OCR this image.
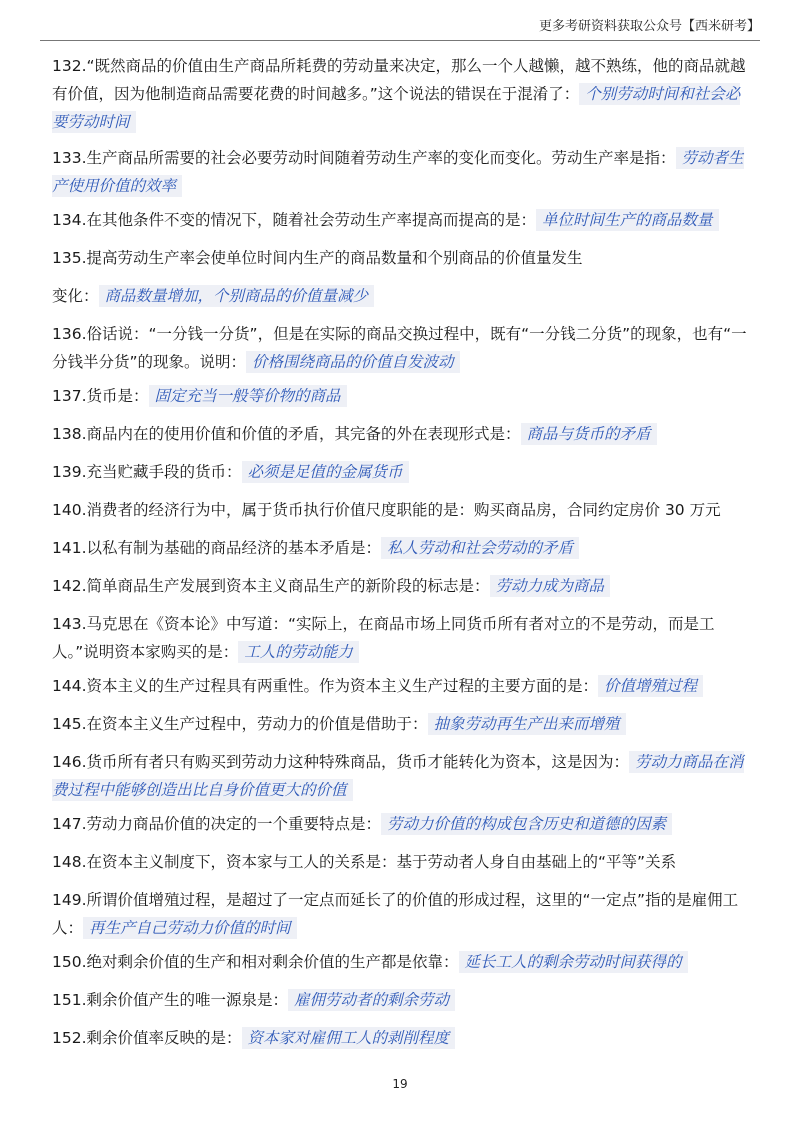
更多考研资料获取公众号【西米研考】

132.“既然商品的价值由生产商品所耗费的劳动量来决定，那么一个人越懒，越不熟练，他的商品就越有价值，因为他制造商品需要花费的时间越多。”这个说法的错误在于混淆了： 个别劳动时间和社会必要劳动时间

133.生产商品所需要的社会必要劳动时间随着劳动生产率的变化而变化。劳动生产率是指： 劳动者生产使用价值的效率

134.在其他条件不变的情况下，随着社会劳动生产率提高而提高的是： 单位时间生产的商品数量

135.提高劳动生产率会使单位时间内生产的商品数量和个别商品的价值量发生

变化： 商品数量增加，个别商品的价值量减少

136.俗话说：“一分钱一分货”，但是在实际的商品交换过程中，既有“一分钱二分货”的现象，也有“一分钱半分货”的现象。说明： 价格围绕商品的价值自发波动

137.货币是： 固定充当一般等价物的商品

138.商品内在的使用价值和价值的矛盾，其完备的外在表现形式是： 商品与货币的矛盾

139.充当贮藏手段的货币： 必须是足值的金属货币

140.消费者的经济行为中，属于货币执行价值尺度职能的是：购买商品房，合同约定房价 30 万元

141.以私有制为基础的商品经济的基本矛盾是： 私人劳动和社会劳动的矛盾

142.简单商品生产发展到资本主义商品生产的新阶段的标志是： 劳动力成为商品

143.马克思在《资本论》中写道：“实际上，在商品市场上同货币所有者对立的不是劳动，而是工人。”说明资本家购买的是： 工人的劳动能力

144.资本主义的生产过程具有两重性。作为资本主义生产过程的主要方面的是： 价值增殖过程

145.在资本主义生产过程中，劳动力的价值是借助于： 抽象劳动再生产出来而增殖

146.货币所有者只有购买到劳动力这种特殊商品，货币才能转化为资本，这是因为： 劳动力商品在消费过程中能够创造出比自身价值更大的价值

147.劳动力商品价值的决定的一个重要特点是： 劳动力价值的构成包含历史和道德的因素

148.在资本主义制度下，资本家与工人的关系是：基于劳动者人身自由基础上的“平等”关系

149.所谓价值增殖过程，是超过了一定点而延长了的价值的形成过程，这里的“一定点”指的是雇佣工人： 再生产自己劳动力价值的时间

150.绝对剩余价值的生产和相对剩余价值的生产都是依靠： 延长工人的剩余劳动时间获得的

151.剩余价值产生的唯一源泉是： 雇佣劳动者的剩余劳动

152.剩余价值率反映的是： 资本家对雇佣工人的剥削程度

19
